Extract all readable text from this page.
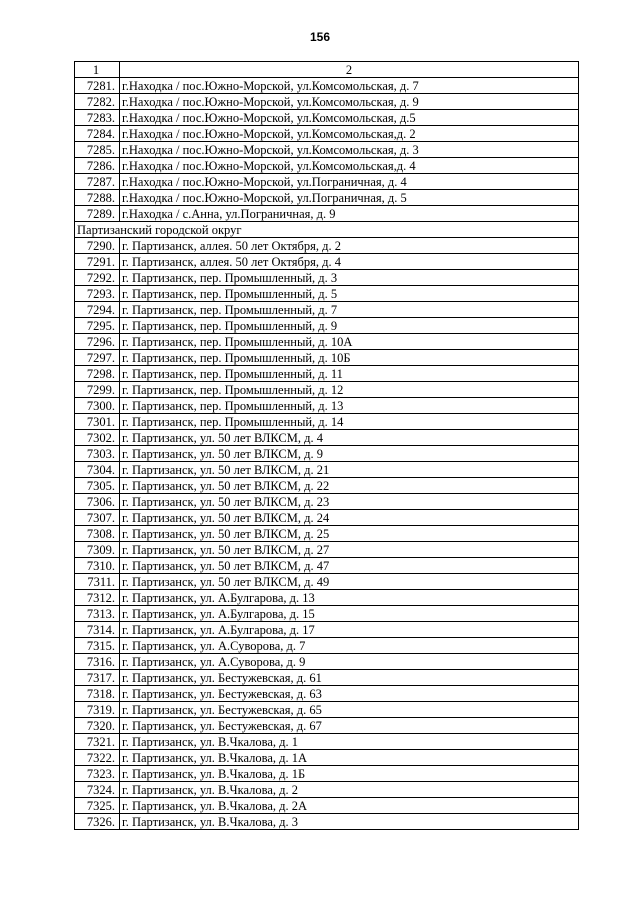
156
1	2
7281.	г.Находка / пос.Южно-Морской, ул.Комсомольская, д. 7
7282.	г.Находка / пос.Южно-Морской, ул.Комсомольская, д. 9
7283.	г.Находка / пос.Южно-Морской, ул.Комсомольская, д.5
7284.	г.Находка / пос.Южно-Морской, ул.Комсомольская,д. 2
7285.	г.Находка / пос.Южно-Морской, ул.Комсомольская, д. 3
7286.	г.Находка / пос.Южно-Морской, ул.Комсомольская,д. 4
7287.	г.Находка / пос.Южно-Морской, ул.Пограничная, д. 4
7288.	г.Находка / пос.Южно-Морской, ул.Пограничная, д. 5
7289.	г.Находка / с.Анна, ул.Пограничная, д. 9
Партизанский городской округ	
7290.	г. Партизанск, аллея. 50 лет Октября, д. 2
7291.	г. Партизанск, аллея. 50 лет Октября, д. 4
7292.	г. Партизанск, пер. Промышленный, д. 3
7293.	г. Партизанск, пер. Промышленный, д. 5
7294.	г. Партизанск, пер. Промышленный, д. 7
7295.	г. Партизанск, пер. Промышленный, д. 9
7296.	г. Партизанск, пер. Промышленный, д. 10А
7297.	г. Партизанск, пер. Промышленный, д. 10Б
7298.	г. Партизанск, пер. Промышленный, д. 11
7299.	г. Партизанск, пер. Промышленный, д. 12
7300.	г. Партизанск, пер. Промышленный, д. 13
7301.	г. Партизанск, пер. Промышленный, д. 14
7302.	г. Партизанск, ул. 50 лет ВЛКСМ, д. 4
7303.	г. Партизанск, ул. 50 лет ВЛКСМ, д. 9
7304.	г. Партизанск, ул. 50 лет ВЛКСМ, д. 21
7305.	г. Партизанск, ул. 50 лет ВЛКСМ, д. 22
7306.	г. Партизанск, ул. 50 лет ВЛКСМ, д. 23
7307.	г. Партизанск, ул. 50 лет ВЛКСМ, д. 24
7308.	г. Партизанск, ул. 50 лет ВЛКСМ, д. 25
7309.	г. Партизанск, ул. 50 лет ВЛКСМ, д. 27
7310.	г. Партизанск, ул. 50 лет ВЛКСМ, д. 47
7311.	г. Партизанск, ул. 50 лет ВЛКСМ, д. 49
7312.	г. Партизанск, ул. А.Булгарова, д. 13
7313.	г. Партизанск, ул. А.Булгарова, д. 15
7314.	г. Партизанск, ул. А.Булгарова, д. 17
7315.	г. Партизанск, ул. А.Суворова, д. 7
7316.	г. Партизанск, ул. А.Суворова, д. 9
7317.	г. Партизанск, ул. Бестужевская, д. 61
7318.	г. Партизанск, ул. Бестужевская, д. 63
7319.	г. Партизанск, ул. Бестужевская, д. 65
7320.	г. Партизанск, ул. Бестужевская, д. 67
7321.	г. Партизанск, ул. В.Чкалова, д. 1
7322.	г. Партизанск, ул. В.Чкалова, д. 1А
7323.	г. Партизанск, ул. В.Чкалова, д. 1Б
7324.	г. Партизанск, ул. В.Чкалова, д. 2
7325.	г. Партизанск, ул. В.Чкалова, д. 2А
7326.	г. Партизанск, ул. В.Чкалова, д. 3
